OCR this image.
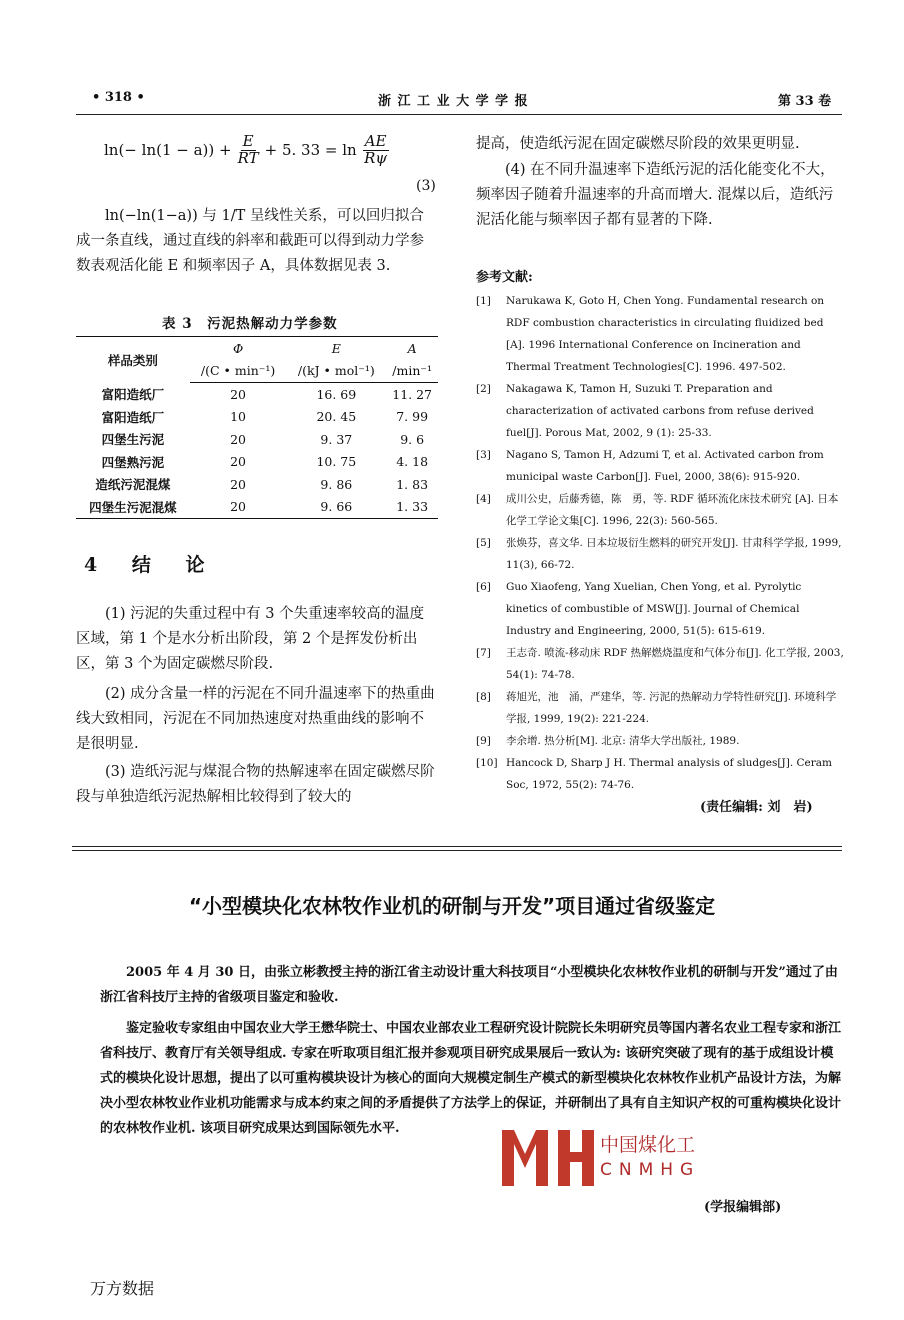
• 318 •	浙 江 工 业 大 学 学 报	第 33 卷
$\ln(- \ln(1 - a)) + \frac{E}{RT} + 5$. $33 = \ln \frac{AE}{R\psi}$
(3)
ln(−ln(1−a)) 与 1/T 呈线性关系，可以回归拟合成一条直线，通过直线的斜率和截距可以得到动力学参数表观活化能 E 和频率因子 A，具体数据见表 3.
表 3　污泥热解动力学参数
样品类别	Φ	E	A
	/(C • min⁻¹)	/(kJ • mol⁻¹)	/min⁻¹
富阳造纸厂	20	16. 69	11. 27
富阳造纸厂	10	20. 45	7. 99
四堡生污泥	20	9. 37	9. 6
四堡熟污泥	20	10. 75	4. 18
造纸污泥混煤	20	9. 86	1. 83
四堡生污泥混煤	20	9. 66	1. 33
4 结 论
(1) 污泥的失重过程中有 3 个失重速率较高的温度区域，第 1 个是水分析出阶段，第 2 个是挥发份析出区，第 3 个为固定碳燃尽阶段.
(2) 成分含量一样的污泥在不同升温速率下的热重曲线大致相同，污泥在不同加热速度对热重曲线的影响不是很明显.
(3) 造纸污泥与煤混合物的热解速率在固定碳燃尽阶段与单独造纸污泥热解相比较得到了较大的
提高，使造纸污泥在固定碳燃尽阶段的效果更明显.
(4) 在不同升温速率下造纸污泥的活化能变化不大，频率因子随着升温速率的升高而增大. 混煤以后，造纸污泥活化能与频率因子都有显著的下降.
参考文献:
[1]	Narukawa K, Goto H, Chen Yong. Fundamental research on RDF combustion characteristics in circulating fluidized bed [A]. 1996 International Conference on Incineration and Thermal Treatment Technologies[C]. 1996. 497-502.
[2]	Nakagawa K, Tamon H, Suzuki T. Preparation and characterization of activated carbons from refuse derived fuel[J]. Porous Mat, 2002, 9 (1): 25-33.
[3]	Nagano S, Tamon H, Adzumi T, et al. Activated carbon from municipal waste Carbon[J]. Fuel, 2000, 38(6): 915-920.
[4]	成川公史，后藤秀德，陈　勇，等. RDF 循环流化床技术研究 [A]. 日本化学工学论文集[C]. 1996, 22(3): 560-565.
[5]	张焕芬，喜文华. 日本垃圾衍生燃料的研究开发[J]. 甘肃科学学报, 1999, 11(3), 66-72.
[6]	Guo Xiaofeng, Yang Xuelian, Chen Yong, et al. Pyrolytic kinetics of combustible of MSW[J]. Journal of Chemical Industry and Engineering, 2000, 51(5): 615-619.
[7]	王志奇. 喷流-移动床 RDF 热解燃烧温度和气体分布[J]. 化工学报, 2003, 54(1): 74-78.
[8]	蒋旭光，池　涌，严建华，等. 污泥的热解动力学特性研究[J]. 环境科学学报, 1999, 19(2): 221-224.
[9]	李余增. 热分析[M]. 北京: 清华大学出版社, 1989.
[10] Hancock D, Sharp J H. Thermal analysis of sludges[J]. Ceram Soc, 1972, 55(2): 74-76.
(责任编辑: 刘　岩)
“小型模块化农林牧作业机的研制与开发”项目通过省级鉴定
2005 年 4 月 30 日，由张立彬教授主持的浙江省主动设计重大科技项目“小型模块化农林牧作业机的研制与开发”通过了由浙江省科技厅主持的省级项目鉴定和验收.
鉴定验收专家组由中国农业大学王懋华院士、中国农业部农业工程研究设计院院长朱明研究员等国内著名农业工程专家和浙江省科技厅、教育厅有关领导组成. 专家在听取项目组汇报并参观项目研究成果展后一致认为: 该研究突破了现有的基于成组设计模式的模块化设计思想，提出了以可重构模块设计为核心的面向大规模定制生产模式的新型模块化农林牧作业机产品设计方法，为解决小型农林牧业作业机功能需求与成本约束之间的矛盾提供了方法学上的保证，并研制出了具有自主知识产权的可重构模块化设计的农林牧作业机. 该项目研究成果达到国际领先水平.
中国煤化工
CNMHG
(学报编辑部)
万方数据
